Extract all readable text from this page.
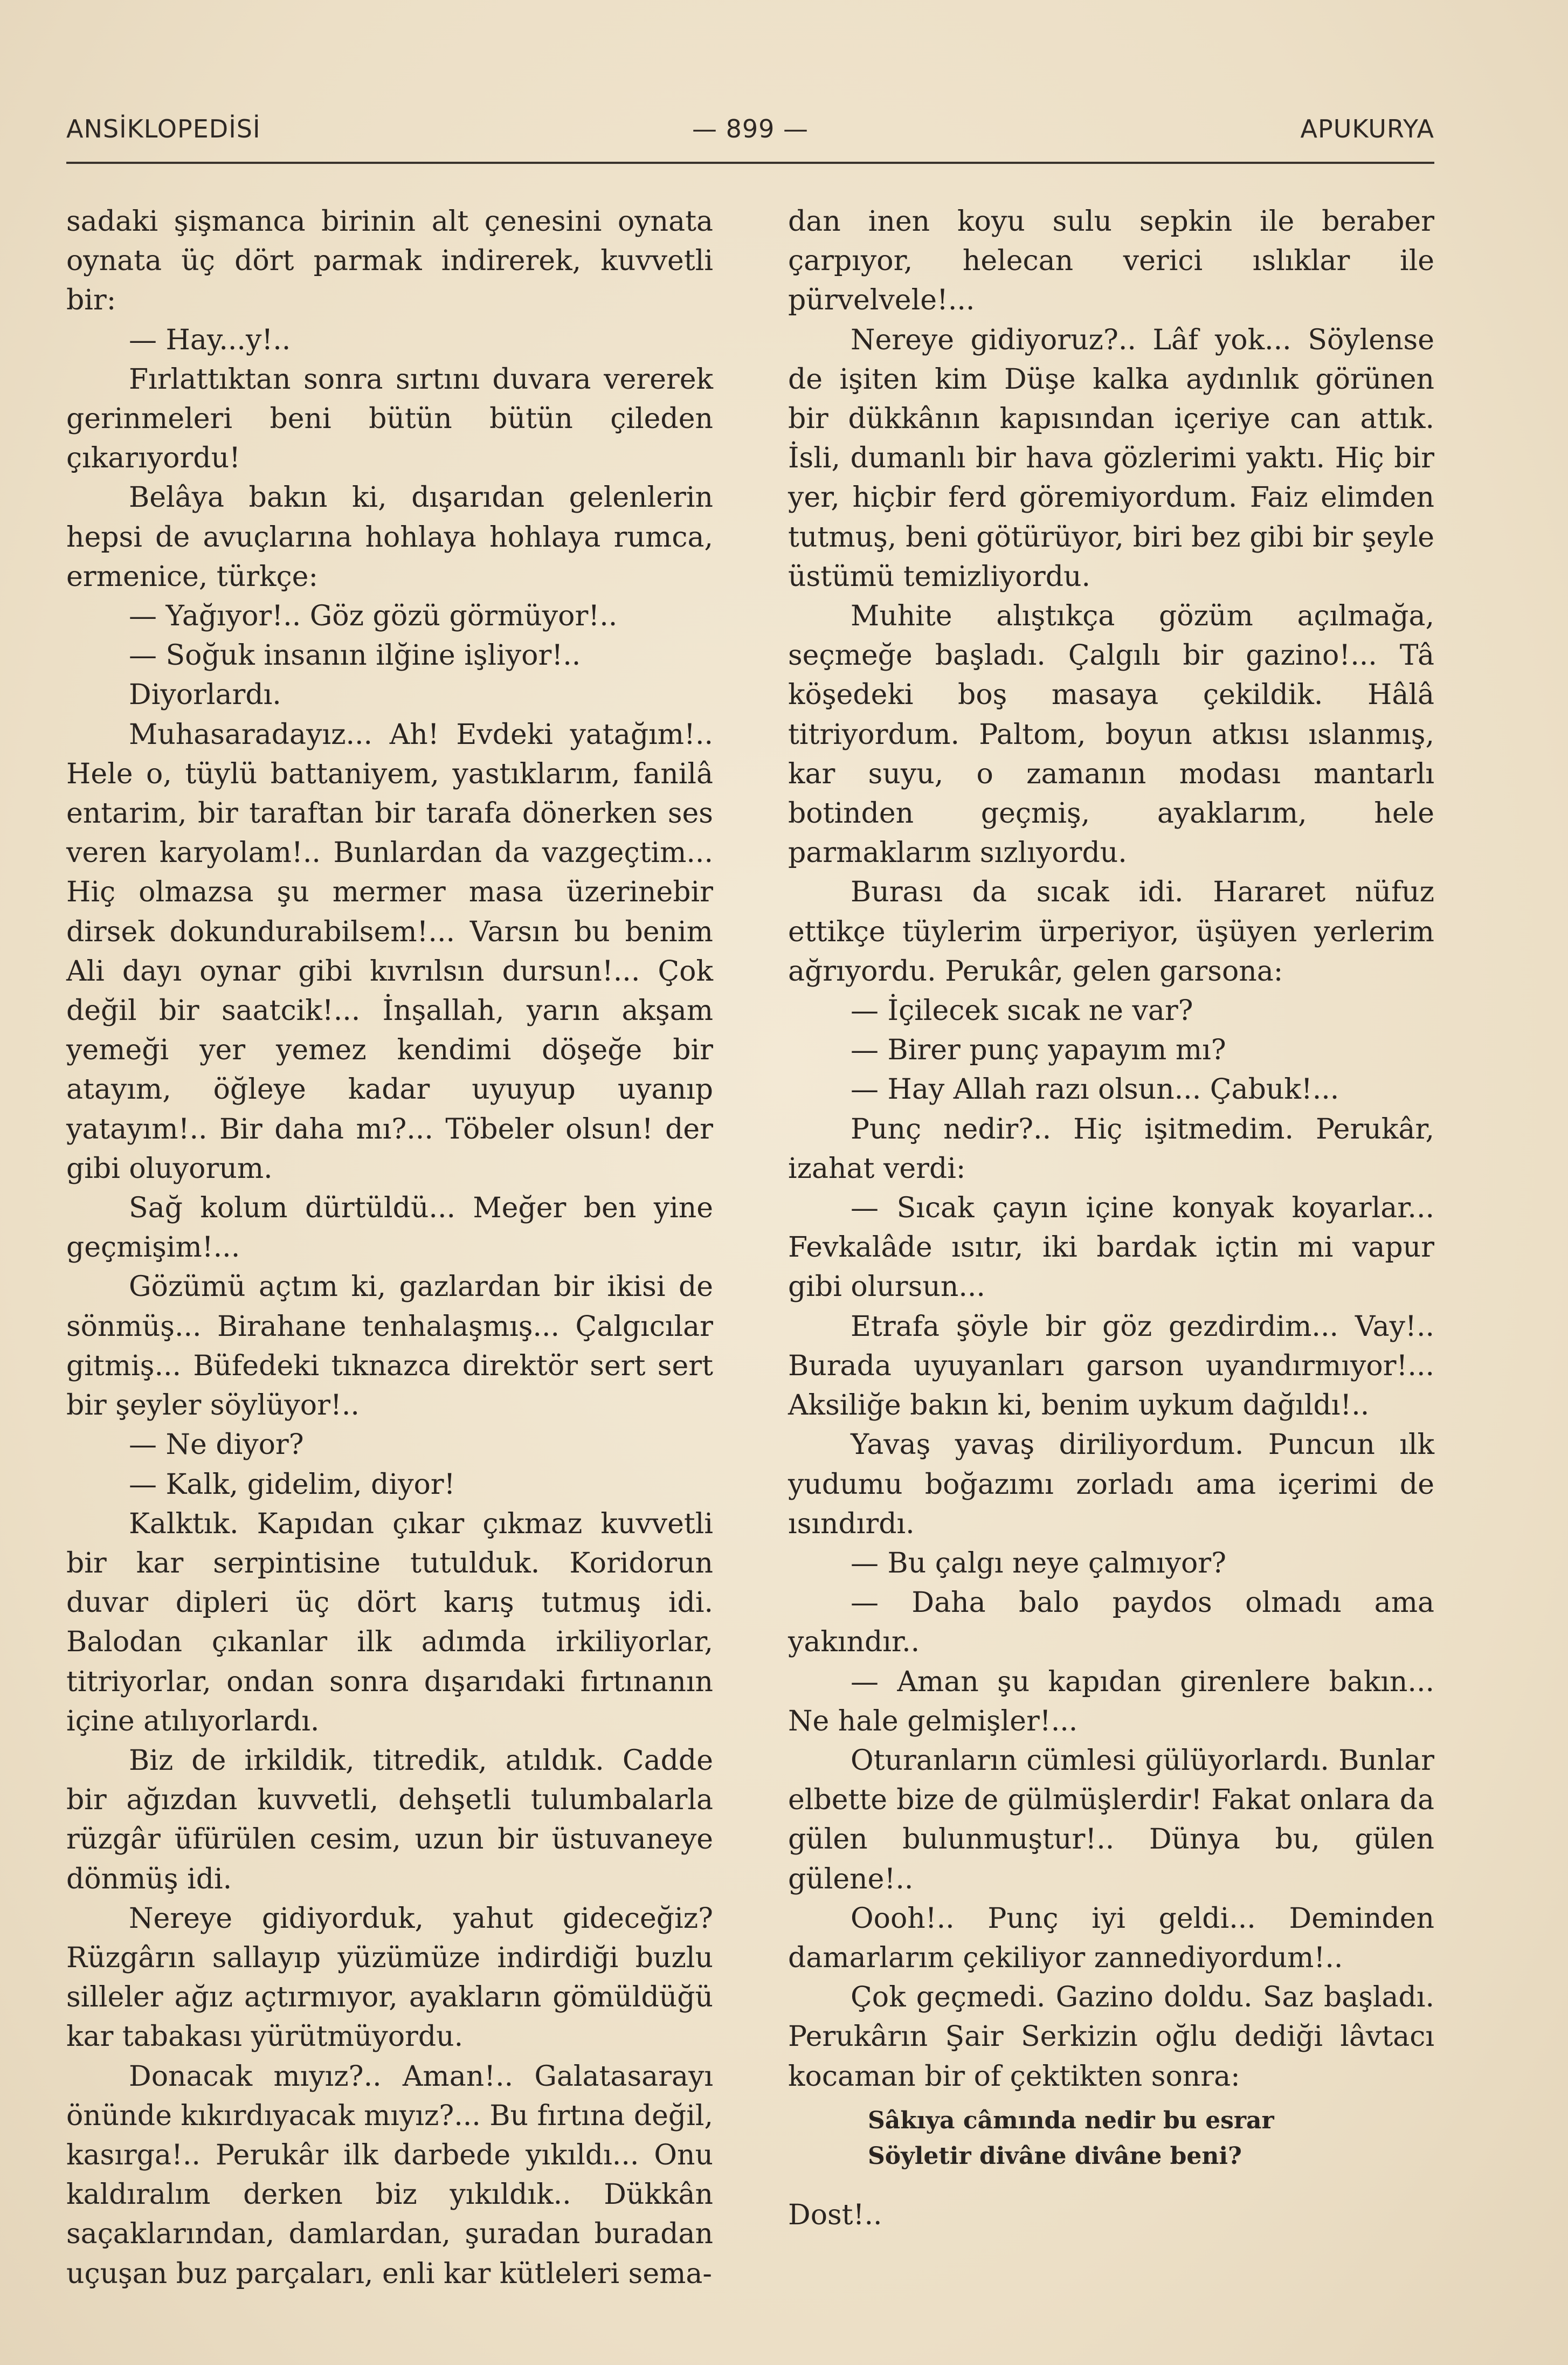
ANSİKLOPEDİSİ	— 899 —	APUKURYA

sadaki şişmanca birinin alt çenesini oynata oynata üç dört parmak indirerek, kuvvetli bir:

— Hay...y!..

Fırlattıktan sonra sırtını duvara vererek gerinmeleri beni bütün bütün çileden çıkarıyordu!

Belâya bakın ki, dışarıdan gelenlerin hepsi de avuçlarına hohlaya hohlaya rumca, ermenice, türkçe:

— Yağıyor!.. Göz gözü görmüyor!..

— Soğuk insanın ilğine işliyor!..

Diyorlardı.

Muhasaradayız... Ah! Evdeki yatağım!.. Hele o, tüylü battaniyem, yastıklarım, fanilâ entarim, bir taraftan bir tarafa dönerken ses veren karyolam!.. Bunlardan da vazgeçtim... Hiç olmazsa şu mermer masa üzerinebir dirsek dokundurabilsem!... Varsın bu benim Ali dayı oynar gibi kıvrılsın dursun!... Çok değil bir saatcik!... İnşallah, yarın akşam yemeği yer yemez kendimi döşeğe bir atayım, öğleye kadar uyuyup uyanıp yatayım!.. Bir daha mı?... Töbeler olsun! der gibi oluyorum.

Sağ kolum dürtüldü... Meğer ben yine geçmişim!...

Gözümü açtım ki, gazlardan bir ikisi de sönmüş... Birahane tenhalaşmış... Çalgıcılar gitmiş... Büfedeki tıknazca direktör sert sert bir şeyler söylüyor!..

— Ne diyor?

— Kalk, gidelim, diyor!

Kalktık. Kapıdan çıkar çıkmaz kuvvetli bir kar serpintisine tutulduk. Koridorun duvar dipleri üç dört karış tutmuş idi. Balodan çıkanlar ilk adımda irkiliyorlar, titriyorlar, ondan sonra dışarıdaki fırtınanın içine atılıyorlardı.

Biz de irkildik, titredik, atıldık. Cadde bir ağızdan kuvvetli, dehşetli tulumbalarla rüzgâr üfürülen cesim, uzun bir üstuvaneye dönmüş idi.

Nereye gidiyorduk, yahut gideceğiz? Rüzgârın sallayıp yüzümüze indirdiği buzlu silleler ağız açtırmıyor, ayakların gömüldüğü kar tabakası yürütmüyordu.

Donacak mıyız?.. Aman!.. Galatasarayı önünde kıkırdıyacak mıyız?... Bu fırtına değil, kasırga!.. Perukâr ilk darbede yıkıldı... Onu kaldıralım derken biz yıkıldık.. Dükkân saçaklarından, damlardan, şuradan buradan uçuşan buz parçaları, enli kar kütleleri sema-

dan inen koyu sulu sepkin ile beraber çarpıyor, helecan verici ıslıklar ile pürvelvele!...

Nereye gidiyoruz?.. Lâf yok... Söylense de işiten kim Düşe kalka aydınlık görünen bir dükkânın kapısından içeriye can attık. İsli, dumanlı bir hava gözlerimi yaktı. Hiç bir yer, hiçbir ferd göremiyordum. Faiz elimden tutmuş, beni götürüyor, biri bez gibi bir şeyle üstümü temizliyordu.

Muhite alıştıkça gözüm açılmağa, seçmeğe başladı. Çalgılı bir gazino!... Tâ köşedeki boş masaya çekildik. Hâlâ titriyordum. Paltom, boyun atkısı ıslanmış, kar suyu, o zamanın modası mantarlı botinden geçmiş, ayaklarım, hele parmaklarım sızlıyordu.

Burası da sıcak idi. Hararet nüfuz ettikçe tüylerim ürperiyor, üşüyen yerlerim ağrıyordu. Perukâr, gelen garsona:

— İçilecek sıcak ne var?

— Birer punç yapayım mı?

— Hay Allah razı olsun... Çabuk!...

Punç nedir?.. Hiç işitmedim. Perukâr, izahat verdi:

— Sıcak çayın içine konyak koyarlar... Fevkalâde ısıtır, iki bardak içtin mi vapur gibi olursun...

Etrafa şöyle bir göz gezdirdim... Vay!.. Burada uyuyanları garson uyandırmıyor!... Aksiliğe bakın ki, benim uykum dağıldı!..

Yavaş yavaş diriliyordum. Puncun ılk yudumu boğazımı zorladı ama içerimi de ısındırdı.

— Bu çalgı neye çalmıyor?

— Daha balo paydos olmadı ama yakındır..

— Aman şu kapıdan girenlere bakın... Ne hale gelmişler!...

Oturanların cümlesi gülüyorlardı. Bunlar elbette bize de gülmüşlerdir! Fakat onlara da gülen bulunmuştur!.. Dünya bu, gülen gülene!..

Oooh!.. Punç iyi geldi... Deminden damarlarım çekiliyor zannediyordum!..

Çok geçmedi. Gazino doldu. Saz başladı. Perukârın Şair Serkizin oğlu dediği lâvtacı kocaman bir of çektikten sonra:

Sâkıya câmında nedir bu esrar
Söyletir divâne divâne beni?

Dost!..
